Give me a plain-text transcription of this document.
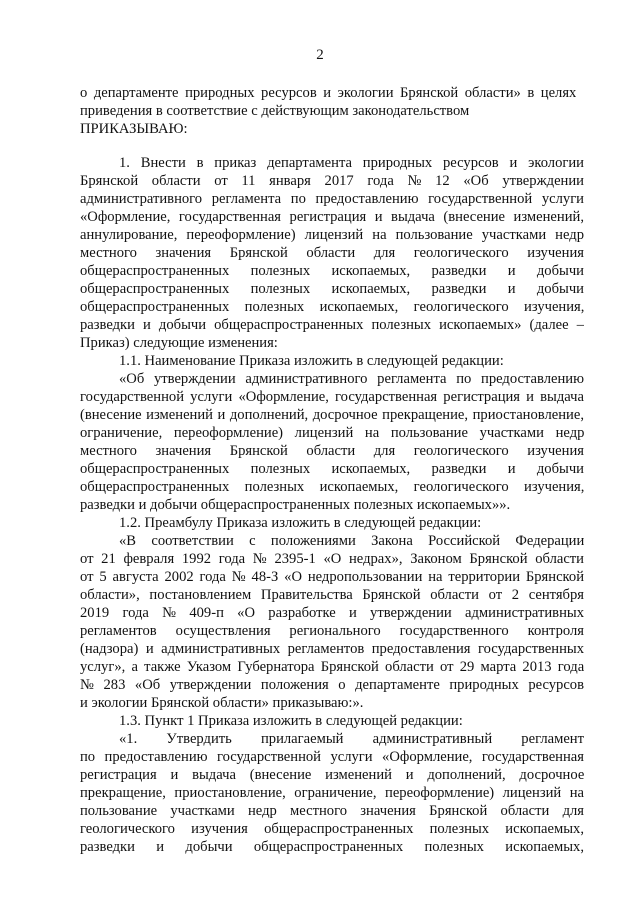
2
о департаменте природных ресурсов и экологии Брянской области» в целях
приведения в соответствие с действующим законодательством
ПРИКАЗЫВАЮ:
1. Внести в приказ департамента природных ресурсов и экологии
Брянской области от 11 января 2017 года № 12 «Об утверждении
административного регламента по предоставлению государственной услуги
«Оформление, государственная регистрация и выдача (внесение изменений,
аннулирование, переоформление) лицензий на пользование участками недр
местного значения Брянской области для геологического изучения
общераспространенных полезных ископаемых, разведки и добычи
общераспространенных полезных ископаемых, разведки и добычи
общераспространенных полезных ископаемых, геологического изучения,
разведки и добычи общераспространенных полезных ископаемых» (далее –
Приказ) следующие изменения:
1.1. Наименование Приказа изложить в следующей редакции:
«Об утверждении административного регламента по предоставлению
государственной услуги «Оформление, государственная регистрация и выдача
(внесение изменений и дополнений, досрочное прекращение, приостановление,
ограничение, переоформление) лицензий на пользование участками недр
местного значения Брянской области для геологического изучения
общераспространенных полезных ископаемых, разведки и добычи
общераспространенных полезных ископаемых, геологического изучения,
разведки и добычи общераспространенных полезных ископаемых»».
1.2. Преамбулу Приказа изложить в следующей редакции:
«В соответствии с положениями Закона Российской Федерации
от 21 февраля 1992 года № 2395-1 «О недрах», Законом Брянской области
от 5 августа 2002 года № 48-З «О недропользовании на территории Брянской
области», постановлением Правительства Брянской области от 2 сентября
2019 года № 409-п «О разработке и утверждении административных
регламентов осуществления регионального государственного контроля
(надзора) и административных регламентов предоставления государственных
услуг», а также Указом Губернатора Брянской области от 29 марта 2013 года
№ 283 «Об утверждении положения о департаменте природных ресурсов
и экологии Брянской области» приказываю:».
1.3. Пункт 1 Приказа изложить в следующей редакции:
«1. Утвердить прилагаемый административный регламент
по предоставлению государственной услуги «Оформление, государственная
регистрация и выдача (внесение изменений и дополнений, досрочное
прекращение, приостановление, ограничение, переоформление) лицензий на
пользование участками недр местного значения Брянской области для
геологического изучения общераспространенных полезных ископаемых,
разведки и добычи общераспространенных полезных ископаемых,
